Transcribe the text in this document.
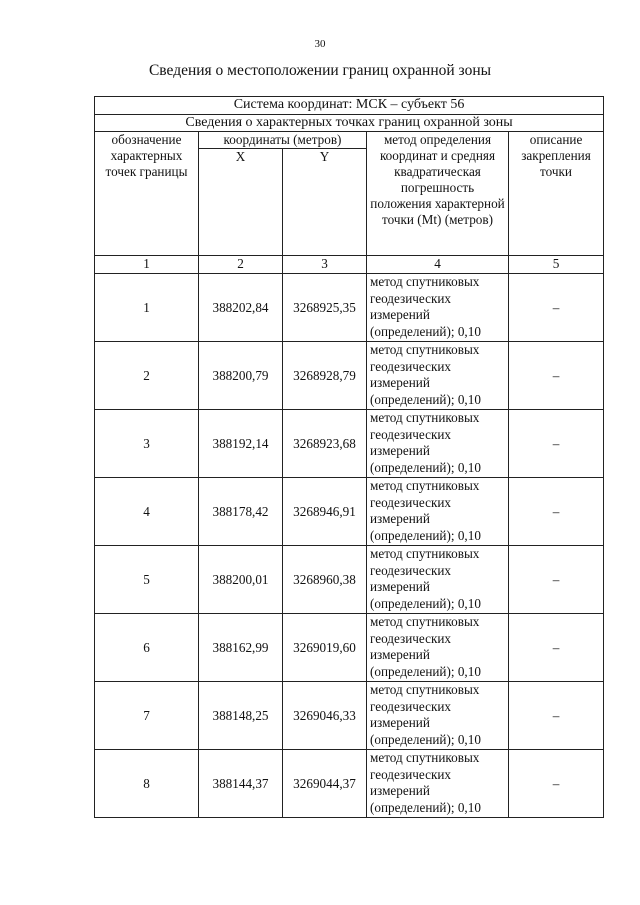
30
Сведения о местоположении границ охранной зоны
Система координат: МСК – субъект 56				
Сведения о характерных точках границ охранной зоны				
обозначение характерных точек границы	координаты (метров)		метод определения координат и средняя квадратическая погрешность положения характерной точки (Mt) (метров)	описание закрепления точки
	X	Y		
1	2	3	4	5
1	388202,84	3268925,35	метод спутниковых геодезических измерений (определений); 0,10	–
2	388200,79	3268928,79	метод спутниковых геодезических измерений (определений); 0,10	–
3	388192,14	3268923,68	метод спутниковых геодезических измерений (определений); 0,10	–
4	388178,42	3268946,91	метод спутниковых геодезических измерений (определений); 0,10	–
5	388200,01	3268960,38	метод спутниковых геодезических измерений (определений); 0,10	–
6	388162,99	3269019,60	метод спутниковых геодезических измерений (определений); 0,10	–
7	388148,25	3269046,33	метод спутниковых геодезических измерений (определений); 0,10	–
8	388144,37	3269044,37	метод спутниковых геодезических измерений (определений); 0,10	–
